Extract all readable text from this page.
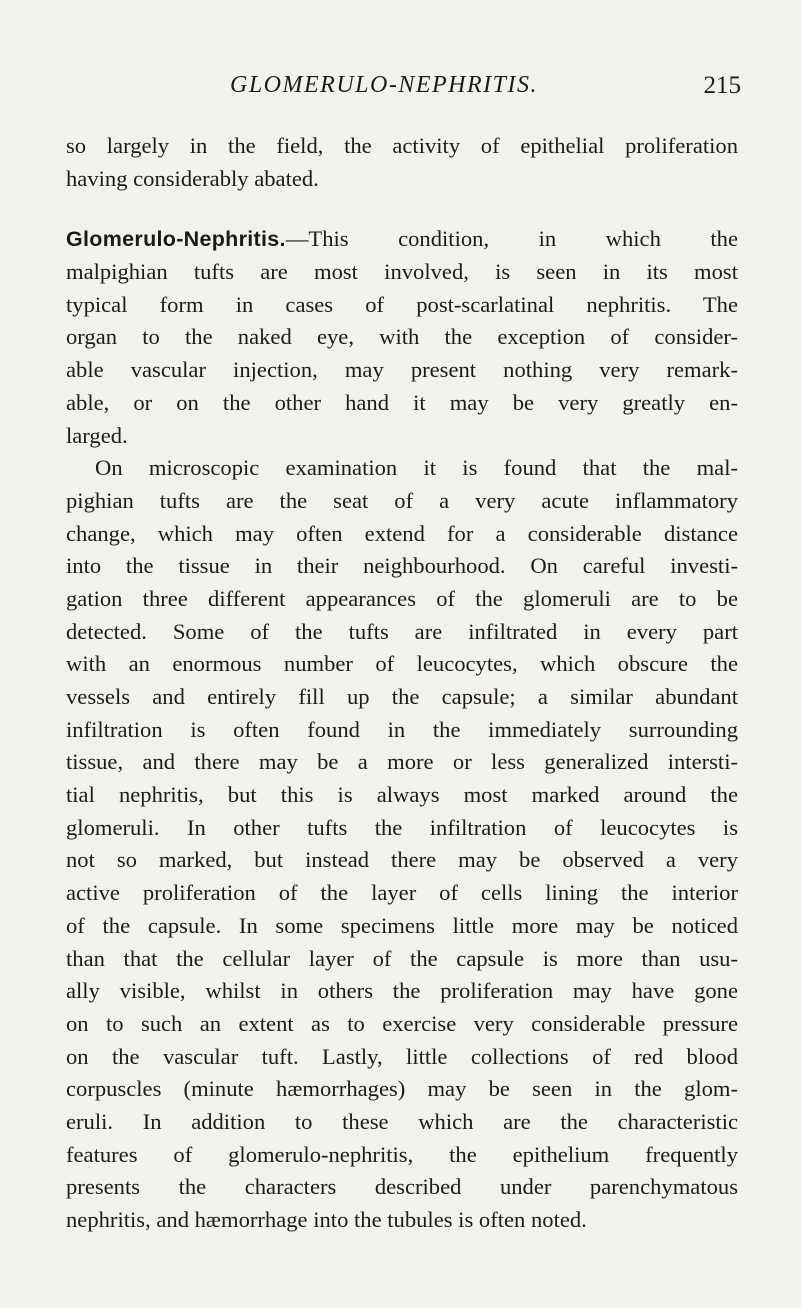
GLOMERULO-NEPHRITIS.	215
so largely in the field, the activity of epithelial proliferation
having considerably abated.
Glomerulo-Nephritis.—This condition, in which the
malpighian tufts are most involved, is seen in its most
typical form in cases of post-scarlatinal nephritis. The
organ to the naked eye, with the exception of consider-
able vascular injection, may present nothing very remark-
able, or on the other hand it may be very greatly en-
larged.
On microscopic examination it is found that the mal-
pighian tufts are the seat of a very acute inflammatory
change, which may often extend for a considerable distance
into the tissue in their neighbourhood. On careful investi-
gation three different appearances of the glomeruli are to be
detected. Some of the tufts are infiltrated in every part
with an enormous number of leucocytes, which obscure the
vessels and entirely fill up the capsule; a similar abundant
infiltration is often found in the immediately surrounding
tissue, and there may be a more or less generalized intersti-
tial nephritis, but this is always most marked around the
glomeruli. In other tufts the infiltration of leucocytes is
not so marked, but instead there may be observed a very
active proliferation of the layer of cells lining the interior
of the capsule. In some specimens little more may be noticed
than that the cellular layer of the capsule is more than usu-
ally visible, whilst in others the proliferation may have gone
on to such an extent as to exercise very considerable pressure
on the vascular tuft. Lastly, little collections of red blood
corpuscles (minute hæmorrhages) may be seen in the glom-
eruli. In addition to these which are the characteristic
features of glomerulo-nephritis, the epithelium frequently
presents the characters described under parenchymatous
nephritis, and hæmorrhage into the tubules is often noted.
